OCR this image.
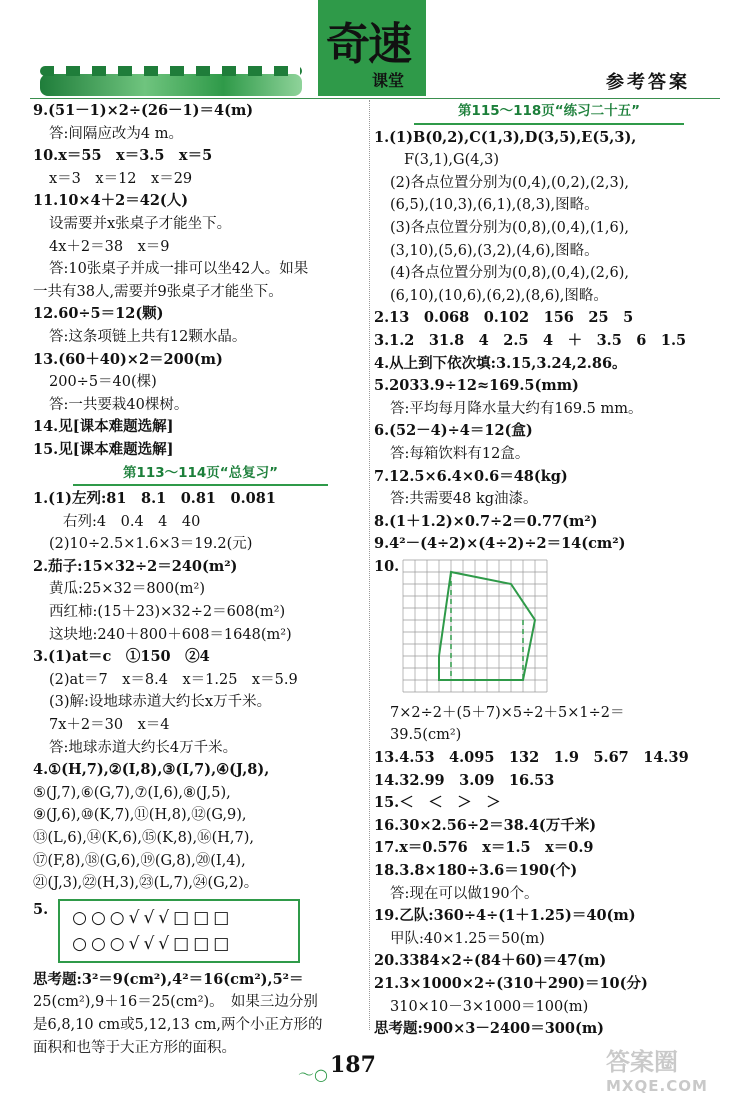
奇速
课堂	参考答案
9.(51－1)×2÷(26－1)＝4(m)
答:间隔应改为4 m。
10.x＝55　x＝3.5　x＝5
x＝3　x＝12　x＝29
11.10×4＋2＝42(人)
设需要并x张桌子才能坐下。
4x＋2＝38　x＝9
答:10张桌子并成一排可以坐42人。如果
一共有38人,需要并9张桌子才能坐下。
12.60÷5＝12(颗)
答:这条项链上共有12颗水晶。
13.(60＋40)×2＝200(m)
200÷5＝40(棵)
答:一共要栽40棵树。
14.见[课本难题选解]
15.见[课本难题选解]
第113～114页“总复习”
1.(1)左列:81　8.1　0.81　0.081
右列:4　0.4　4　40
(2)10÷2.5×1.6×3＝19.2(元)
2.茄子:15×32÷2＝240(m²)
黄瓜:25×32＝800(m²)
西红柿:(15＋23)×32÷2＝608(m²)
这块地:240＋800＋608＝1648(m²)
3.(1)at＝c　①150　②4
(2)at＝7　x＝8.4　x＝1.25　x＝5.9
(3)解:设地球赤道大约长x万千米。
7x＋2＝30　x＝4
答:地球赤道大约长4万千米。
4.①(H,7),②(I,8),③(I,7),④(J,8),
⑤(J,7),⑥(G,7),⑦(I,6),⑧(J,5),
⑨(J,6),⑩(K,7),⑪(H,8),⑫(G,9),
⑬(L,6),⑭(K,6),⑮(K,8),⑯(H,7),
⑰(F,8),⑱(G,6),⑲(G,8),⑳(I,4),
㉑(J,3),㉒(H,3),㉓(L,7),㉔(G,2)。
5. ○○○√√√□□□
○○○√√√□□□
思考题:3²＝9(cm²),4²＝16(cm²),5²＝
25(cm²),9＋16＝25(cm²)。　如果三边分别
是6,8,10 cm或5,12,13 cm,两个小正方形的
面积和也等于大正方形的面积。
第115～118页“练习二十五”
1.(1)B(0,2),C(1,3),D(3,5),E(5,3),
F(3,1),G(4,3)
(2)各点位置分别为(0,4),(0,2),(2,3),
(6,5),(10,3),(6,1),(8,3),图略。
(3)各点位置分别为(0,8),(0,4),(1,6),
(3,10),(5,6),(3,2),(4,6),图略。
(4)各点位置分别为(0,8),(0,4),(2,6),
(6,10),(10,6),(6,2),(8,6),图略。
2.13　0.068　0.102　156　25　5
3.1.2　31.8　4　2.5　4　＋　3.5　6　1.5
4.从上到下依次填:3.15,3.24,2.86。
5.2033.9÷12≈169.5(mm)
答:平均每月降水量大约有169.5 mm。
6.(52－4)÷4＝12(盒)
答:每箱饮料有12盒。
7.12.5×6.4×0.6＝48(kg)
答:共需要48 kg油漆。
8.(1＋1.2)×0.7÷2＝0.77(m²)
9.4²－(4÷2)×(4÷2)÷2＝14(cm²)
10.
7×2÷2＋(5＋7)×5÷2＋5×1÷2＝
39.5(cm²)
13.4.53　4.095　132　1.9　5.67　14.39
14.32.99　3.09　16.53
15.＜　＜　＞　＞
16.30×2.56÷2＝38.4(万千米)
17.x＝0.576　x＝1.5　x＝0.9
18.3.8×180÷3.6＝190(个)
答:现在可以做190个。
19.乙队:360÷4÷(1＋1.25)＝40(m)
甲队:40×1.25＝50(m)
20.3384×2÷(84＋60)＝47(m)
21.3×1000×2÷(310＋290)＝10(分)
310×10－3×1000＝100(m)
思考题:900×3－2400＝300(m)
～○ 187	答案圈
MXQE.COM
